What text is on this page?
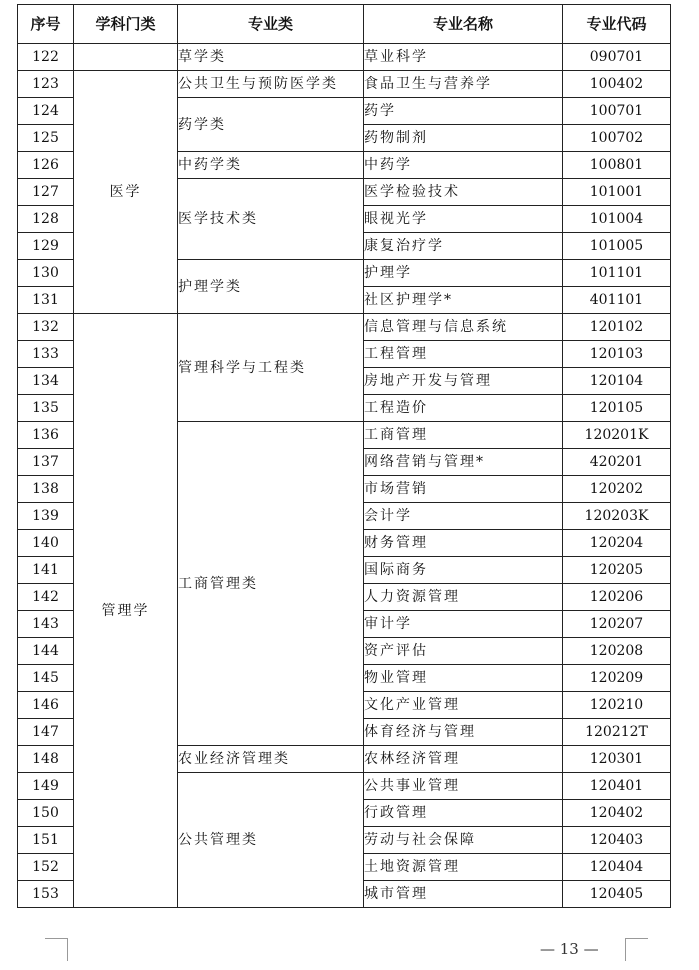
序号	学科门类	专业类	专业名称	专业代码
122		草学类	草业科学	090701
123	医学	公共卫生与预防医学类	食品卫生与营养学	100402
124		药学类	药学	100701
125			药物制剂	100702
126		中药学类	中药学	100801
127		医学技术类	医学检验技术	101001
128			眼视光学	101004
129			康复治疗学	101005
130		护理学类	护理学	101101
131			社区护理学*	401101
132	管理学	管理科学与工程类	信息管理与信息系统	120102
133			工程管理	120103
134			房地产开发与管理	120104
135			工程造价	120105
136		工商管理类	工商管理	120201K
137			网络营销与管理*	420201
138			市场营销	120202
139			会计学	120203K
140			财务管理	120204
141			国际商务	120205
142			人力资源管理	120206
143			审计学	120207
144			资产评估	120208
145			物业管理	120209
146			文化产业管理	120210
147			体育经济与管理	120212T
148		农业经济管理类	农林经济管理	120301
149		公共管理类	公共事业管理	120401
150			行政管理	120402
151			劳动与社会保障	120403
152			土地资源管理	120404
153			城市管理	120405
— 13 —
